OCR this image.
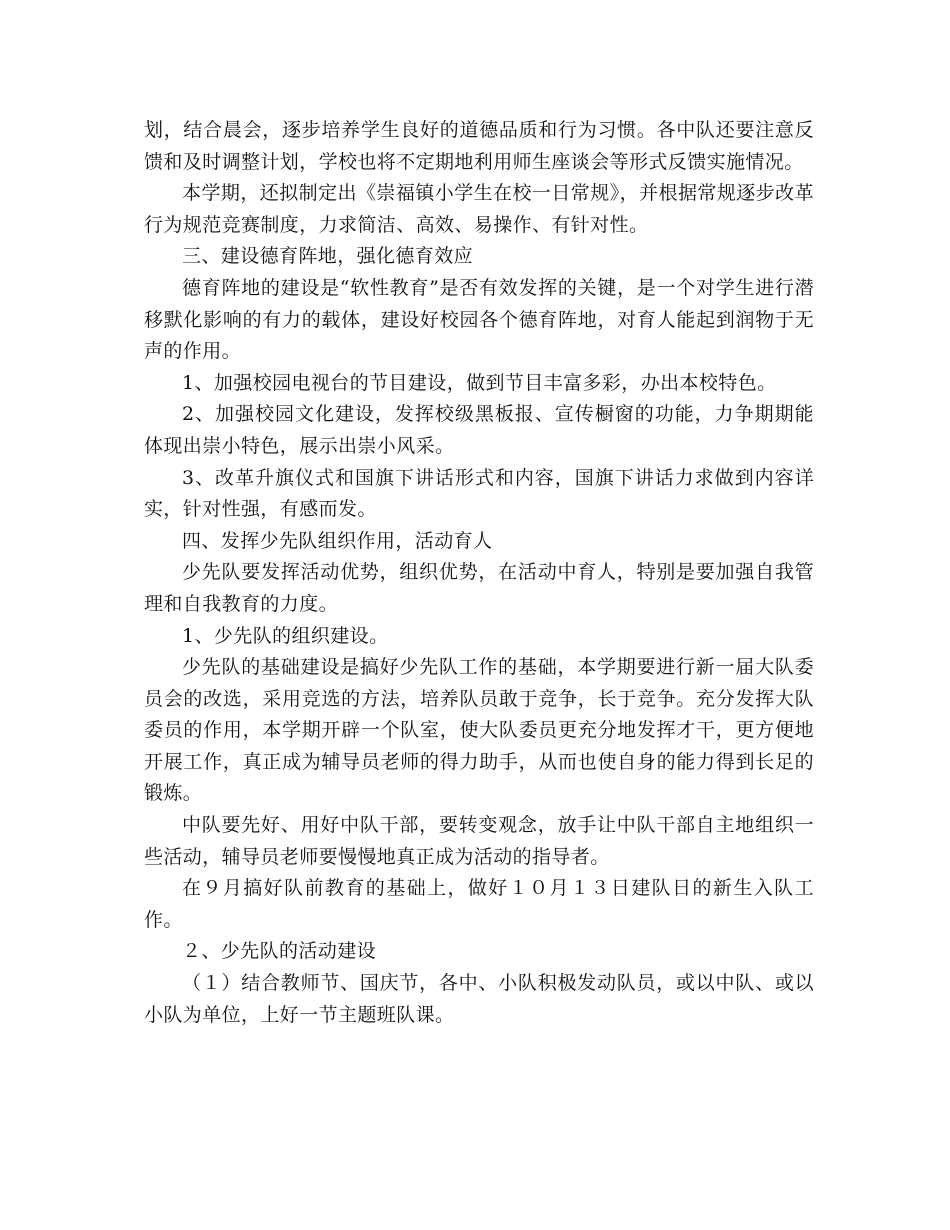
划，结合晨会，逐步培养学生良好的道德品质和行为习惯。各中队还要注意反馈和及时调整计划，学校也将不定期地利用师生座谈会等形式反馈实施情况。

本学期，还拟制定出《崇福镇小学生在校一日常规》，并根据常规逐步改革行为规范竞赛制度，力求简洁、高效、易操作、有针对性。

三、建设德育阵地，强化德育效应

德育阵地的建设是“软性教育”是否有效发挥的关键，是一个对学生进行潜移默化影响的有力的载体，建设好校园各个德育阵地，对育人能起到润物于无声的作用。

1、加强校园电视台的节目建设，做到节目丰富多彩，办出本校特色。

2、加强校园文化建设，发挥校级黑板报、宣传橱窗的功能，力争期期能体现出崇小特色，展示出崇小风采。

3、改革升旗仪式和国旗下讲话形式和内容，国旗下讲话力求做到内容详实，针对性强，有感而发。

四、发挥少先队组织作用，活动育人

少先队要发挥活动优势，组织优势，在活动中育人，特别是要加强自我管理和自我教育的力度。

1、少先队的组织建设。

少先队的基础建设是搞好少先队工作的基础，本学期要进行新一届大队委员会的改选，采用竞选的方法，培养队员敢于竞争，长于竞争。充分发挥大队委员的作用，本学期开辟一个队室，使大队委员更充分地发挥才干，更方便地开展工作，真正成为辅导员老师的得力助手，从而也使自身的能力得到长足的锻炼。

中队要先好、用好中队干部，要转变观念，放手让中队干部自主地组织一些活动，辅导员老师要慢慢地真正成为活动的指导者。

在９月搞好队前教育的基础上，做好１０月１３日建队日的新生入队工作。

２、少先队的活动建设

（１）结合教师节、国庆节，各中、小队积极发动队员，或以中队、或以小队为单位，上好一节主题班队课。
